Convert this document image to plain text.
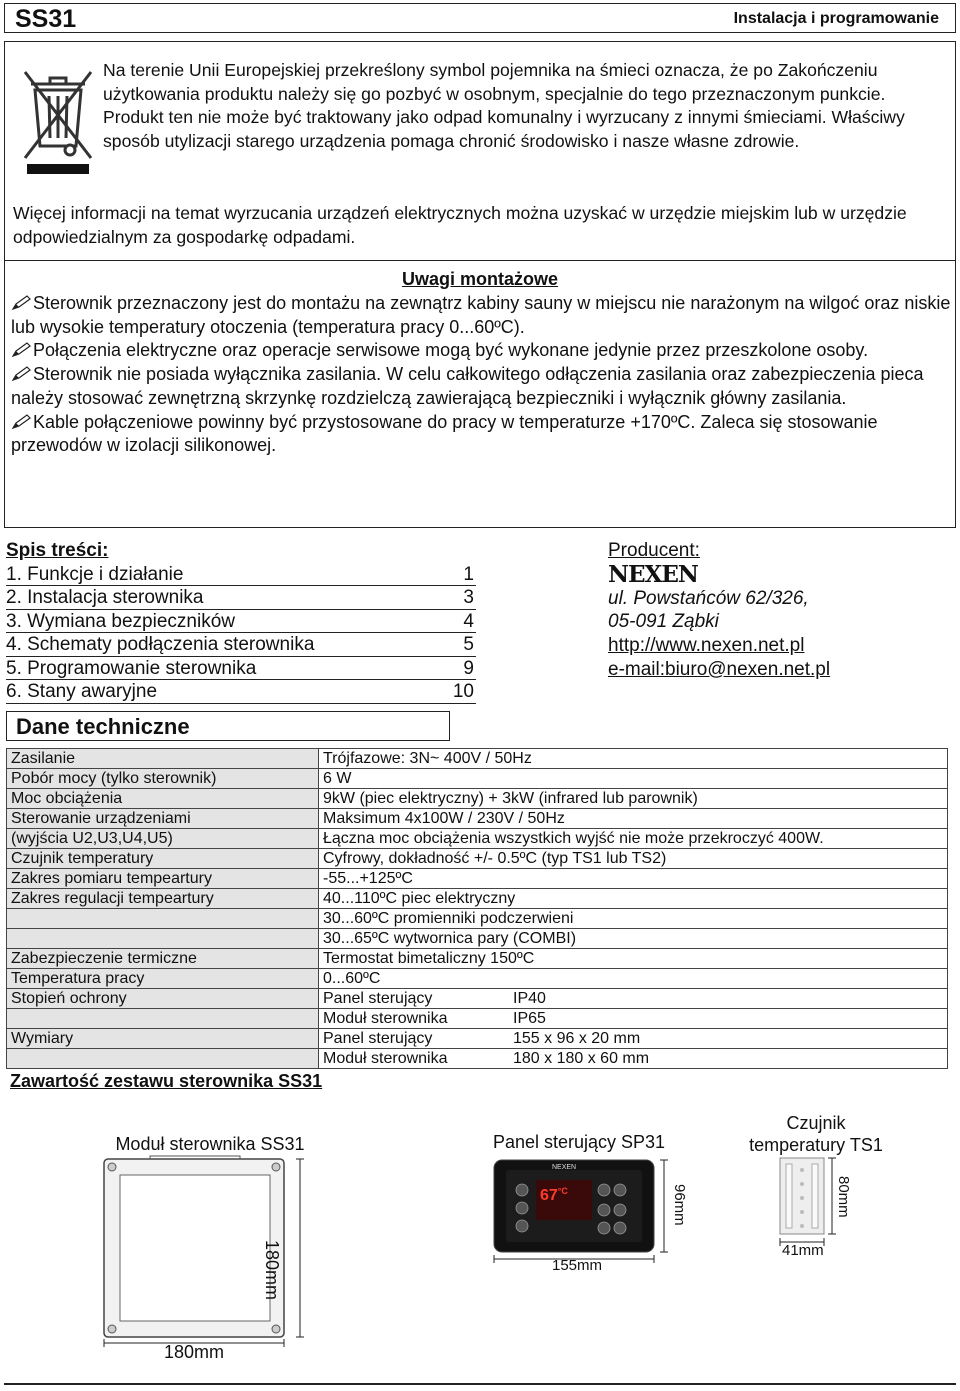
SS31	Instalacja i programowanie
Na terenie Unii Europejskiej przekreślony symbol pojemnika na śmieci oznacza, że po Zakończeniu użytkowania produktu należy się go pozbyć w osobnym, specjalnie do tego przeznaczonym punkcie. Produkt ten nie może być traktowany jako odpad komunalny i wyrzucany z innymi śmieciami. Właściwy sposób utylizacji starego urządzenia pomaga chronić środowisko i nasze własne zdrowie.
Więcej informacji na temat wyrzucania urządzeń elektrycznych można uzyskać w urzędzie miejskim lub w urzędzie odpowiedzialnym za gospodarkę odpadami.
Uwagi montażowe
Sterownik przeznaczony jest do montażu na zewnątrz kabiny sauny w miejscu nie narażonym na wilgoć oraz niskie lub wysokie temperatury otoczenia (temperatura pracy 0...60ºC).
Połączenia elektryczne oraz operacje serwisowe mogą być wykonane jedynie przez przeszkolone osoby.
Sterownik nie posiada wyłącznika zasilania. W celu całkowitego odłączenia zasilania oraz zabezpieczenia pieca należy stosować zewnętrzną skrzynkę rozdzielczą zawierającą bezpieczniki i wyłącznik główny zasilania.
Kable połączeniowe powinny być przystosowane do pracy w temperaturze +170ºC. Zaleca się stosowanie przewodów w izolacji silikonowej.
Spis treści:
1. Funkcje i działanie	1
2. Instalacja sterownika	3
3. Wymiana bezpieczników	4
4. Schematy podłączenia sterownika	5
5. Programowanie sterownika	9
6. Stany awaryjne	10
Producent:
NEXEN
ul. Powstańców 62/326,
05-091 Ząbki
http://www.nexen.net.pl
e-mail:biuro@nexen.net.pl
Dane techniczne
Zasilanie	Trójfazowe: 3N~ 400V / 50Hz
Pobór mocy (tylko sterownik)	6 W
Moc obciążenia	9kW (piec elektryczny) + 3kW (infrared lub parownik)
Sterowanie urządzeniami	Maksimum 4x100W / 230V / 50Hz
(wyjścia U2,U3,U4,U5)	Łączna moc obciążenia wszystkich wyjść nie może przekroczyć 400W.
Czujnik temperatury	Cyfrowy, dokładność +/- 0.5ºC (typ TS1 lub TS2)
Zakres pomiaru tempeartury	-55...+125ºC
Zakres regulacji tempeartury	40...110ºC piec elektryczny
	30...60ºC promienniki podczerwieni
	30...65ºC wytwornica pary (COMBI)
Zabezpieczenie termiczne	Termostat bimetaliczny 150ºC
Temperatura pracy	0...60ºC
Stopień ochrony	Panel sterujący IP40
	Moduł sterownika IP65
Wymiary	Panel sterujący 155 x 96 x 20 mm
	Moduł sterownika 180 x 180 x 60 mm
Zawartość zestawu sterownika SS31
Moduł sterownika SS31
180mm
180mm
Panel sterujący SP31
NEXEN
$67^{^\circ C}$
155mm
96mm
Czujnik
temperatury TS1
41mm
80mm
